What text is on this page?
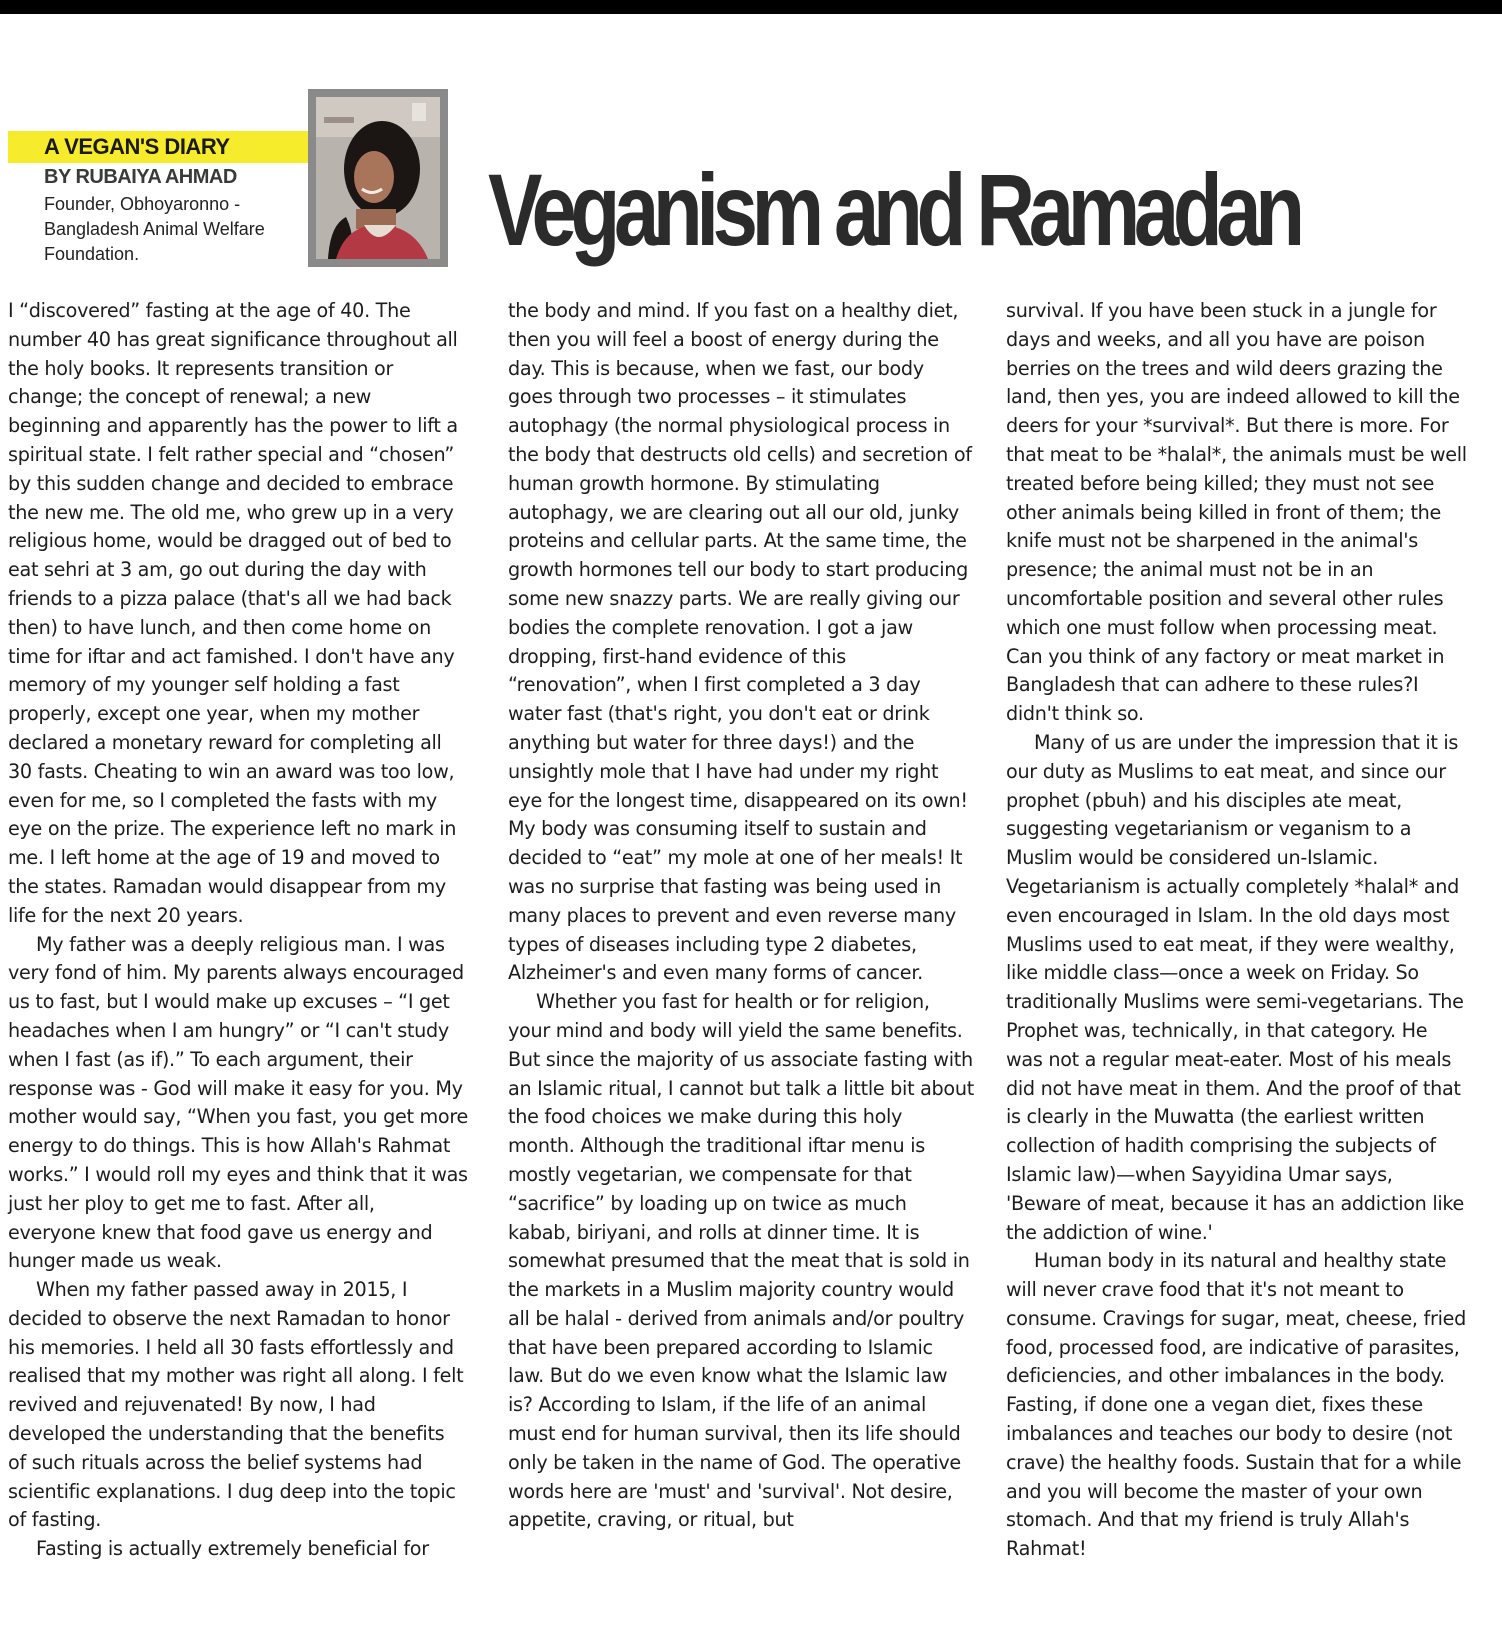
A VEGAN'S DIARY

BY RUBAIYA AHMAD

Founder, Obhoyaronno - Bangladesh Animal Welfare Foundation.	Veganism and Ramadan

I “discovered” fasting at the age of 40. The number 40 has great significance throughout all the holy books. It represents transition or change; the concept of renewal; a new beginning and apparently has the power to lift a spiritual state. I felt rather special and “chosen” by this sudden change and decided to embrace the new me. The old me, who grew up in a very religious home, would be dragged out of bed to eat sehri at 3 am, go out during the day with friends to a pizza palace (that's all we had back then) to have lunch, and then come home on time for iftar and act famished. I don't have any memory of my younger self holding a fast properly, except one year, when my mother declared a monetary reward for completing all 30 fasts. Cheating to win an award was too low, even for me, so I completed the fasts with my eye on the prize. The experience left no mark in me. I left home at the age of 19 and moved to the states. Ramadan would disappear from my life for the next 20 years.

My father was a deeply religious man. I was very fond of him. My parents always encouraged us to fast, but I would make up excuses – “I get headaches when I am hungry” or “I can't study when I fast (as if).” To each argument, their response was - God will make it easy for you. My mother would say, “When you fast, you get more energy to do things. This is how Allah's Rahmat works.” I would roll my eyes and think that it was just her ploy to get me to fast. After all, everyone knew that food gave us energy and hunger made us weak.

When my father passed away in 2015, I decided to observe the next Ramadan to honor his memories. I held all 30 fasts effortlessly and realised that my mother was right all along. I felt revived and rejuvenated! By now, I had developed the understanding that the benefits of such rituals across the belief systems had scientific explanations. I dug deep into the topic of fasting.

Fasting is actually extremely beneficial for

the body and mind. If you fast on a healthy diet, then you will feel a boost of energy during the day. This is because, when we fast, our body goes through two processes – it stimulates autophagy (the normal physiological process in the body that destructs old cells) and secretion of human growth hormone. By stimulating autophagy, we are clearing out all our old, junky proteins and cellular parts. At the same time, the growth hormones tell our body to start producing some new snazzy parts. We are really giving our bodies the complete renovation. I got a jaw dropping, first-hand evidence of this “renovation”, when I first completed a 3 day water fast (that's right, you don't eat or drink anything but water for three days!) and the unsightly mole that I have had under my right eye for the longest time, disappeared on its own! My body was consuming itself to sustain and decided to “eat” my mole at one of her meals! It was no surprise that fasting was being used in many places to prevent and even reverse many types of diseases including type 2 diabetes, Alzheimer's and even many forms of cancer.

Whether you fast for health or for religion, your mind and body will yield the same benefits. But since the majority of us associate fasting with an Islamic ritual, I cannot but talk a little bit about the food choices we make during this holy month. Although the traditional iftar menu is mostly vegetarian, we compensate for that “sacrifice” by loading up on twice as much kabab, biriyani, and rolls at dinner time. It is somewhat presumed that the meat that is sold in the markets in a Muslim majority country would all be halal - derived from animals and/or poultry that have been prepared according to Islamic law. But do we even know what the Islamic law is? According to Islam, if the life of an animal must end for human survival, then its life should only be taken in the name of God. The operative words here are 'must' and 'survival'. Not desire, appetite, craving, or ritual, but

survival. If you have been stuck in a jungle for days and weeks, and all you have are poison berries on the trees and wild deers grazing the land, then yes, you are indeed allowed to kill the deers for your *survival*. But there is more. For that meat to be *halal*, the animals must be well treated before being killed; they must not see other animals being killed in front of them; the knife must not be sharpened in the animal's presence; the animal must not be in an uncomfortable position and several other rules which one must follow when processing meat. Can you think of any factory or meat market in Bangladesh that can adhere to these rules?I didn't think so.

Many of us are under the impression that it is our duty as Muslims to eat meat, and since our prophet (pbuh) and his disciples ate meat, suggesting vegetarianism or veganism to a Muslim would be considered un-Islamic. Vegetarianism is actually completely *halal* and even encouraged in Islam. In the old days most Muslims used to eat meat, if they were wealthy, like middle class—once a week on Friday. So traditionally Muslims were semi-vegetarians. The Prophet was, technically, in that category. He was not a regular meat-eater. Most of his meals did not have meat in them. And the proof of that is clearly in the Muwatta (the earliest written collection of hadith comprising the subjects of Islamic law)—when Sayyidina Umar says, 'Beware of meat, because it has an addiction like the addiction of wine.'

Human body in its natural and healthy state will never crave food that it's not meant to consume. Cravings for sugar, meat, cheese, fried food, processed food, are indicative of parasites, deficiencies, and other imbalances in the body. Fasting, if done one a vegan diet, fixes these imbalances and teaches our body to desire (not crave) the healthy foods. Sustain that for a while and you will become the master of your own stomach. And that my friend is truly Allah's Rahmat!
